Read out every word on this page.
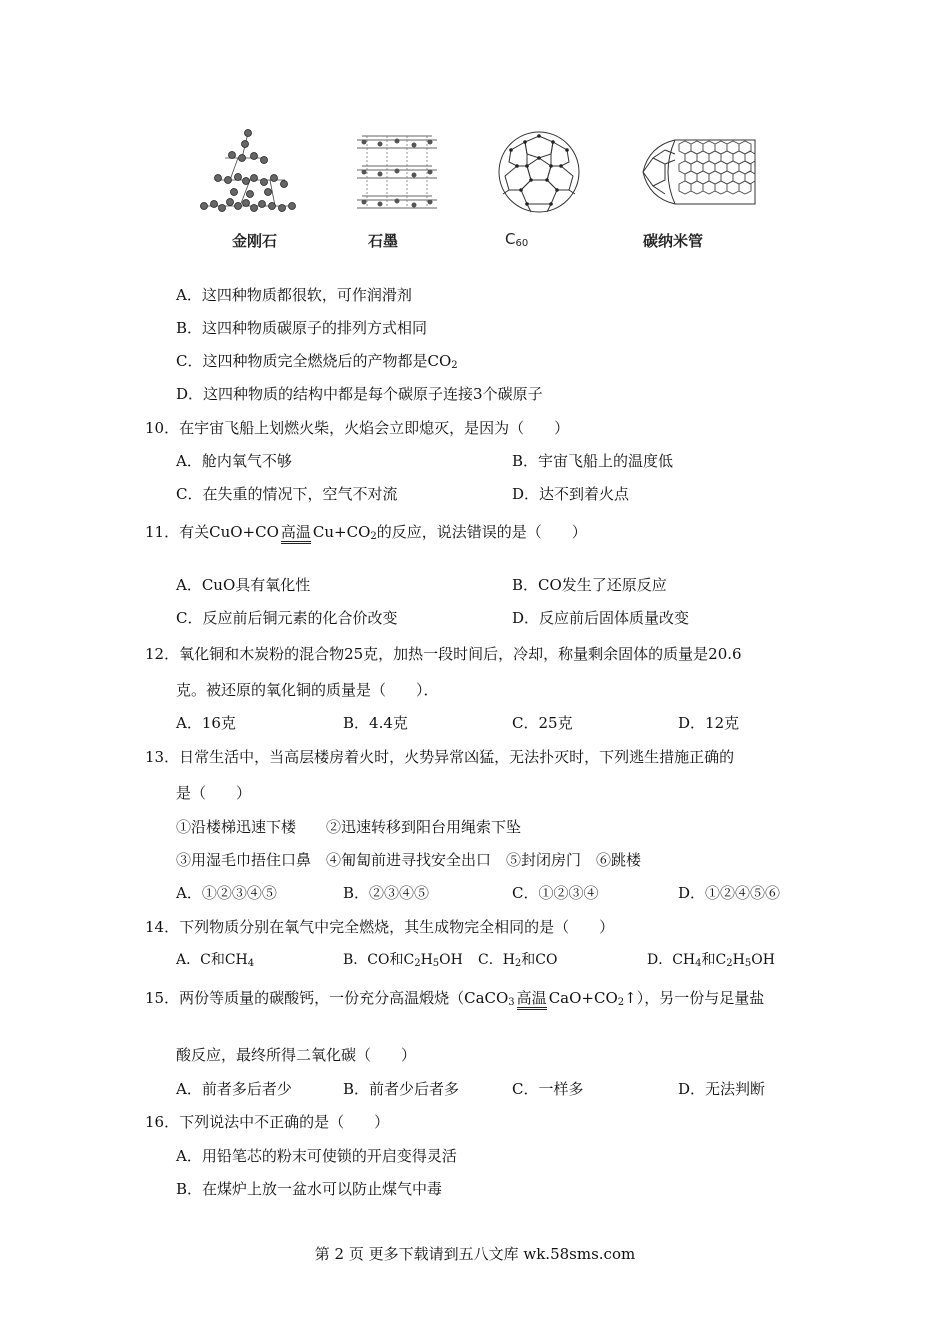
金刚石	石墨	$C_{60}$	碳纳米管
A．这四种物质都很软，可作润滑剂
B．这四种物质碳原子的排列方式相同
C．这四种物质完全燃烧后的产物都是$CO_2$
D．这四种物质的结构中都是每个碳原子连接3个碳原子
10．在宇宙飞船上划燃火柴，火焰会立即熄灭，是因为（　　）
A．舱内氧气不够	B．宇宙飞船上的温度低
C．在失重的情况下，空气不对流	D．达不到着火点
11．有关CuO+CO 高温 $Cu+CO_2$的反应，说法错误的是（　　）
A．CuO具有氧化性	B．CO发生了还原反应
C．反应前后铜元素的化合价改变	D．反应前后固体质量改变
12．氧化铜和木炭粉的混合物25克，加热一段时间后，冷却，称量剩余固体的质量是20.6
克。被还原的氧化铜的质量是（　　）．
A．16克	B．4.4克	C．25克	D．12克
13．日常生活中，当高层楼房着火时，火势异常凶猛，无法扑灭时，下列逃生措施正确的
是（　　）
①沿楼梯迅速下楼　　②迅速转移到阳台用绳索下坠
③用湿毛巾捂住口鼻　④匍匐前进寻找安全出口　⑤封闭房门　⑥跳楼
A．①②③④⑤	B．②③④⑤	C．①②③④	D．①②④⑤⑥
14．下列物质分别在氧气中完全燃烧，其生成物完全相同的是（　　）
A．C和$CH_4$	B．CO和$C_2H_5OH$ C．$H_2$和CO	D．$CH_4$和$C_2H_5OH$
15．两份等质量的碳酸钙，一份充分高温煅烧（CaCO$_3$ 高温 $CaO+CO_2↑$），另一份与足量盐
酸反应，最终所得二氧化碳（　　）
A．前者多后者少	B．前者少后者多	C．一样多	D．无法判断
16．下列说法中不正确的是（　　）
A．用铅笔芯的粉末可使锁的开启变得灵活
B．在煤炉上放一盆水可以防止煤气中毒
第 2 页 更多下载请到五八文库 wk.58sms.com
